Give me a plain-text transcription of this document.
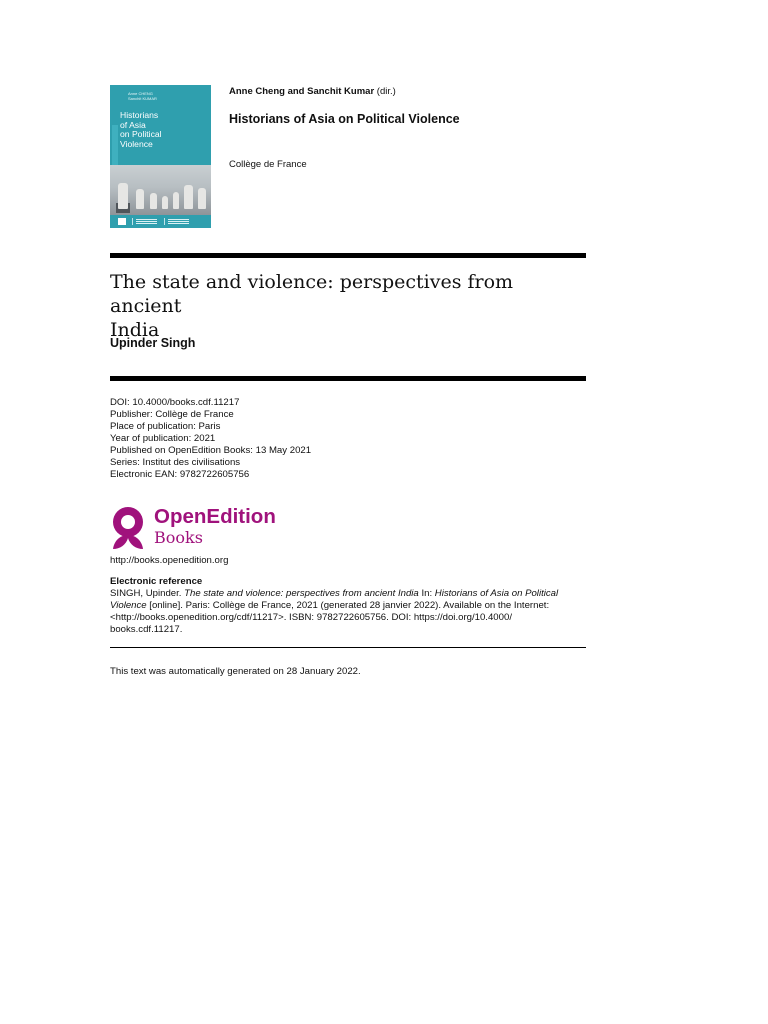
Anne CHENG
Sanchit KUMAR
Historians
of Asia
on Political
Violence
Anne Cheng and Sanchit Kumar (dir.)
Historians of Asia on Political Violence
Collège de France
The state and violence: perspectives from ancient
India
Upinder Singh
DOI: 10.4000/books.cdf.11217
Publisher: Collège de France
Place of publication: Paris
Year of publication: 2021
Published on OpenEdition Books: 13 May 2021
Series: Institut des civilisations
Electronic EAN: 9782722605756
OpenEdition
Books
http://books.openedition.org
Electronic reference
SINGH, Upinder. The state and violence: perspectives from ancient India In: Historians of Asia on Political
Violence [online]. Paris: Collège de France, 2021 (generated 28 janvier 2022). Available on the Internet:
<http://books.openedition.org/cdf/11217>. ISBN: 9782722605756. DOI: https://doi.org/10.4000/
books.cdf.11217.
This text was automatically generated on 28 January 2022.
